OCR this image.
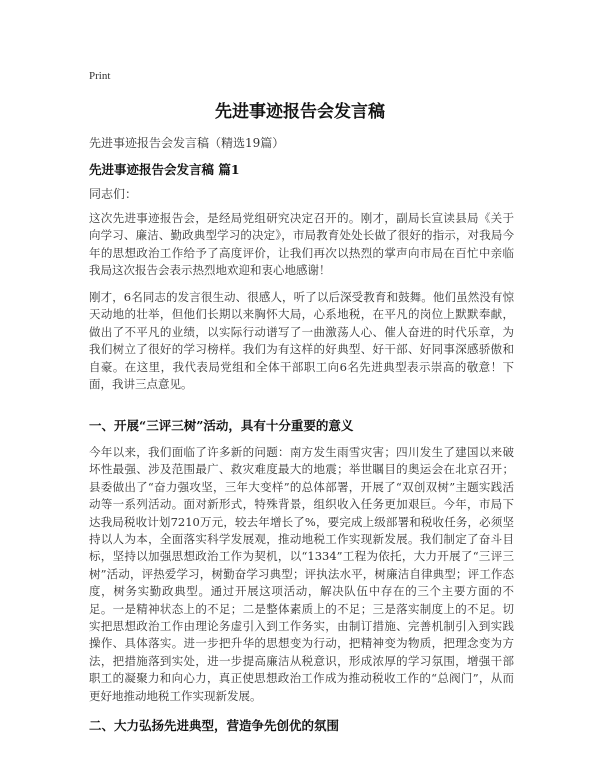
Print
先进事迹报告会发言稿
先进事迹报告会发言稿（精选19篇）
先进事迹报告会发言稿 篇1
同志们：

这次先进事迹报告会，是经局党组研究决定召开的。刚才，副局长宣读县局《关于向学习、廉洁、勤政典型学习的决定》，市局教育处处长做了很好的指示，对我局今年的思想政治工作给予了高度评价，让我们再次以热烈的掌声向市局在百忙中亲临我局这次报告会表示热烈地欢迎和衷心地感谢！

刚才，6名同志的发言很生动、很感人，听了以后深受教育和鼓舞。他们虽然没有惊天动地的壮举，但他们长期以来胸怀大局，心系地税，在平凡的岗位上默默奉献，做出了不平凡的业绩，以实际行动谱写了一曲激荡人心、催人奋进的时代乐章，为我们树立了很好的学习榜样。我们为有这样的好典型、好干部、好同事深感骄傲和自豪。在这里，我代表局党组和全体干部职工向6名先进典型表示崇高的敬意！下面，我讲三点意见。

一、开展“三评三树”活动，具有十分重要的意义

今年以来，我们面临了许多新的问题：南方发生雨雪灾害；四川发生了建国以来破坏性最强、涉及范围最广、救灾难度最大的地震；举世瞩目的奥运会在北京召开；县委做出了“奋力强攻坚，三年大变样”的总体部署，开展了“双创双树”主题实践活动等一系列活动。面对新形式，特殊背景，组织收入任务更加艰巨。今年，市局下达我局税收计划7210万元，较去年增长了%，要完成上级部署和税收任务，必须坚持以人为本，全面落实科学发展观，推动地税工作实现新发展。我们制定了奋斗目标，坚持以加强思想政治工作为契机，以“1334”工程为依托，大力开展了“三评三树”活动，评热爱学习，树勤奋学习典型；评执法水平，树廉洁自律典型；评工作态度，树务实勤政典型。通过开展这项活动，解决队伍中存在的三个主要方面的不足。一是精神状态上的不足；二是整体素质上的不足；三是落实制度上的不足。切实把思想政治工作由理论务虚引入到工作务实，由制订措施、完善机制引入到实践操作、具体落实。进一步把升华的思想变为行动，把精神变为物质，把理念变为方法，把措施落到实处，进一步提高廉洁从税意识，形成浓厚的学习氛围，增强干部职工的凝聚力和向心力，真正使思想政治工作成为推动税收工作的“总阀门”，从而更好地推动地税工作实现新发展。

二、大力弘扬先进典型，营造争先创优的氛围
